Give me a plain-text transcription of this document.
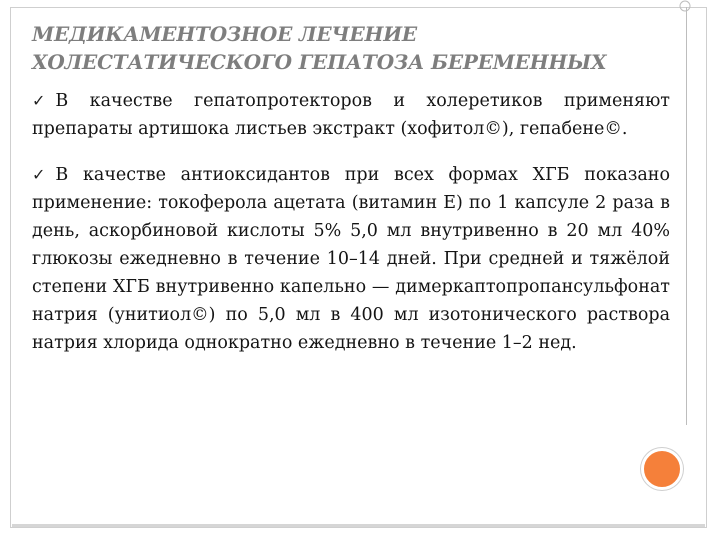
МЕДИКАМЕНТОЗНОЕ ЛЕЧЕНИЕ ХОЛЕСТАТИЧЕСКОГО ГЕПАТОЗА БЕРЕМЕННЫХ

✓ В качестве гепатопротекторов и холеретиков применяют препараты артишока листьев экстракт (хофитол©), гепабене©.

✓ В качестве антиоксидантов при всех формах ХГБ показано применение: токоферола ацетата (витамин Е) по 1 капсуле 2 раза в день, аскорбиновой кислоты 5% 5,0 мл внутривенно в 20 мл 40% глюкозы ежедневно в течение 10–14 дней. При средней и тяжёлой степени ХГБ внутривенно капельно — димеркаптопропансульфонат натрия (унитиол©) по 5,0 мл в 400 мл изотонического раствора натрия хлорида однократно ежедневно в течение 1–2 нед.
